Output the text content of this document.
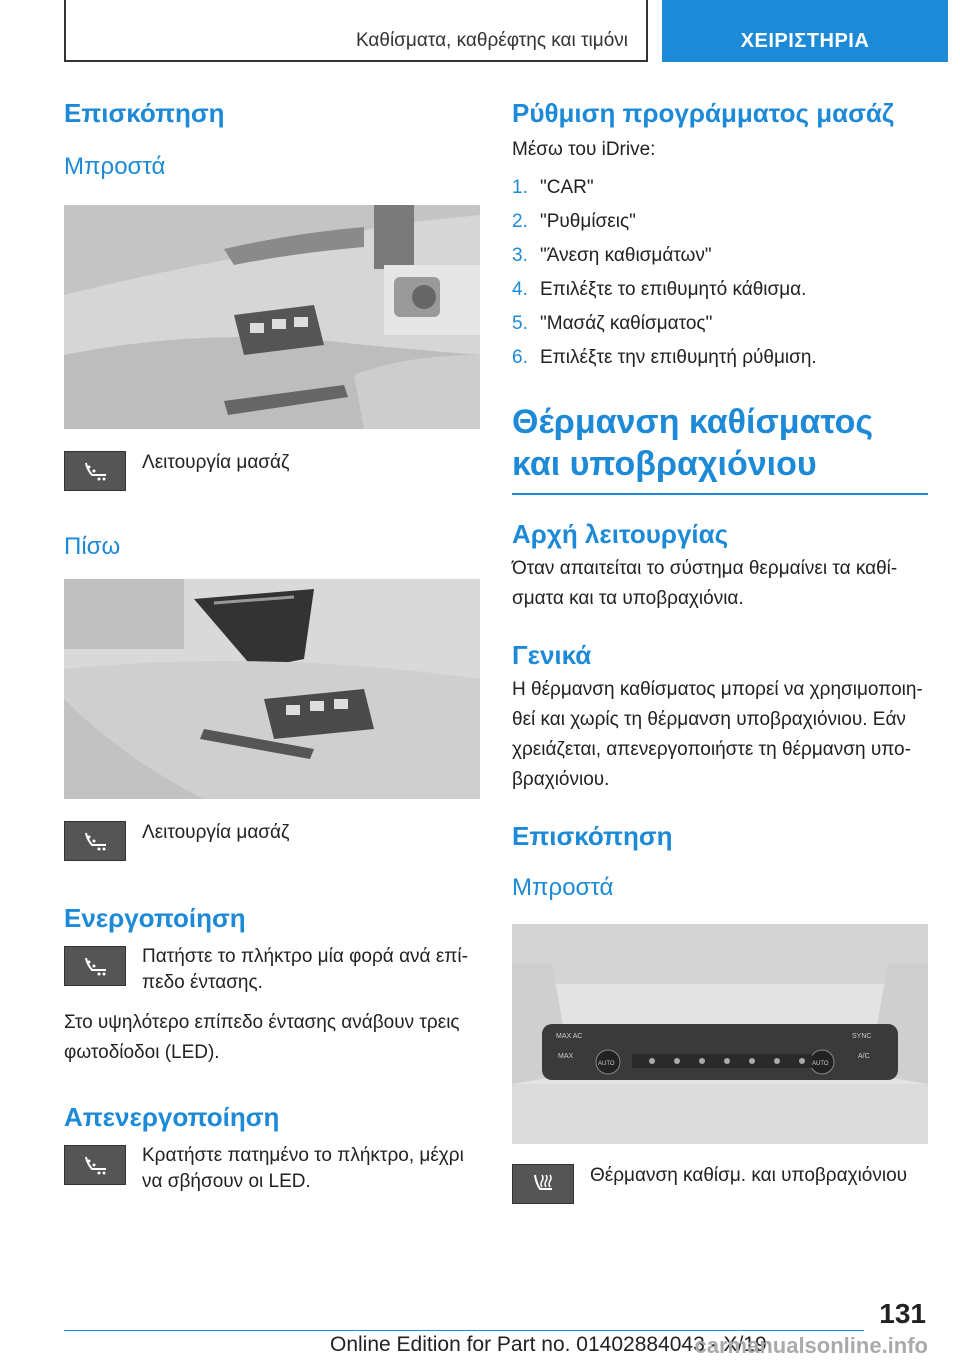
Καθίσματα, καθρέφτης και τιμόνι	ΧΕΙΡΙΣΤΗΡΙΑ
Επισκόπηση
Μπροστά

Λειτουργία μασάζ

Πίσω

Λειτουργία μασάζ

Ενεργοποίηση

Πατήστε το πλήκτρο μία φορά ανά επί-πεδο έντασης.

Στο υψηλότερο επίπεδο έντασης ανάβουν τρεις φωτοδίοδοι (LED).

Απενεργοποίηση

Κρατήστε πατημένο το πλήκτρο, μέχρι να σβήσουν οι LED.

Ρύθμιση προγράμματος μασάζ

Μέσω του iDrive:

1. "CAR"
2. "Ρυθμίσεις"
3. "Άνεση καθισμάτων"
4. Επιλέξτε το επιθυμητό κάθισμα.
5. "Μασάζ καθίσματος"
6. Επιλέξτε την επιθυμητή ρύθμιση.
Θέρμανση καθίσματος και υποβραχιόνιου
Αρχή λειτουργίας

Όταν απαιτείται το σύστημα θερμαίνει τα καθί-σματα και τα υποβραχιόνια.

Γενικά

Η θέρμανση καθίσματος μπορεί να χρησιμοποιη-θεί και χωρίς τη θέρμανση υποβραχιόνιου. Εάν χρειάζεται, απενεργοποιήστε τη θέρμανση υπο-βραχιόνιου.

Επισκόπηση
Μπροστά
MAX AC
MAX
AUTO	AUTO
SYNC
A/C

Θέρμανση καθίσμ. και υποβραχιόνιου

131
Online Edition for Part no. 01402884043 - X/19
carmanualsonline.info
